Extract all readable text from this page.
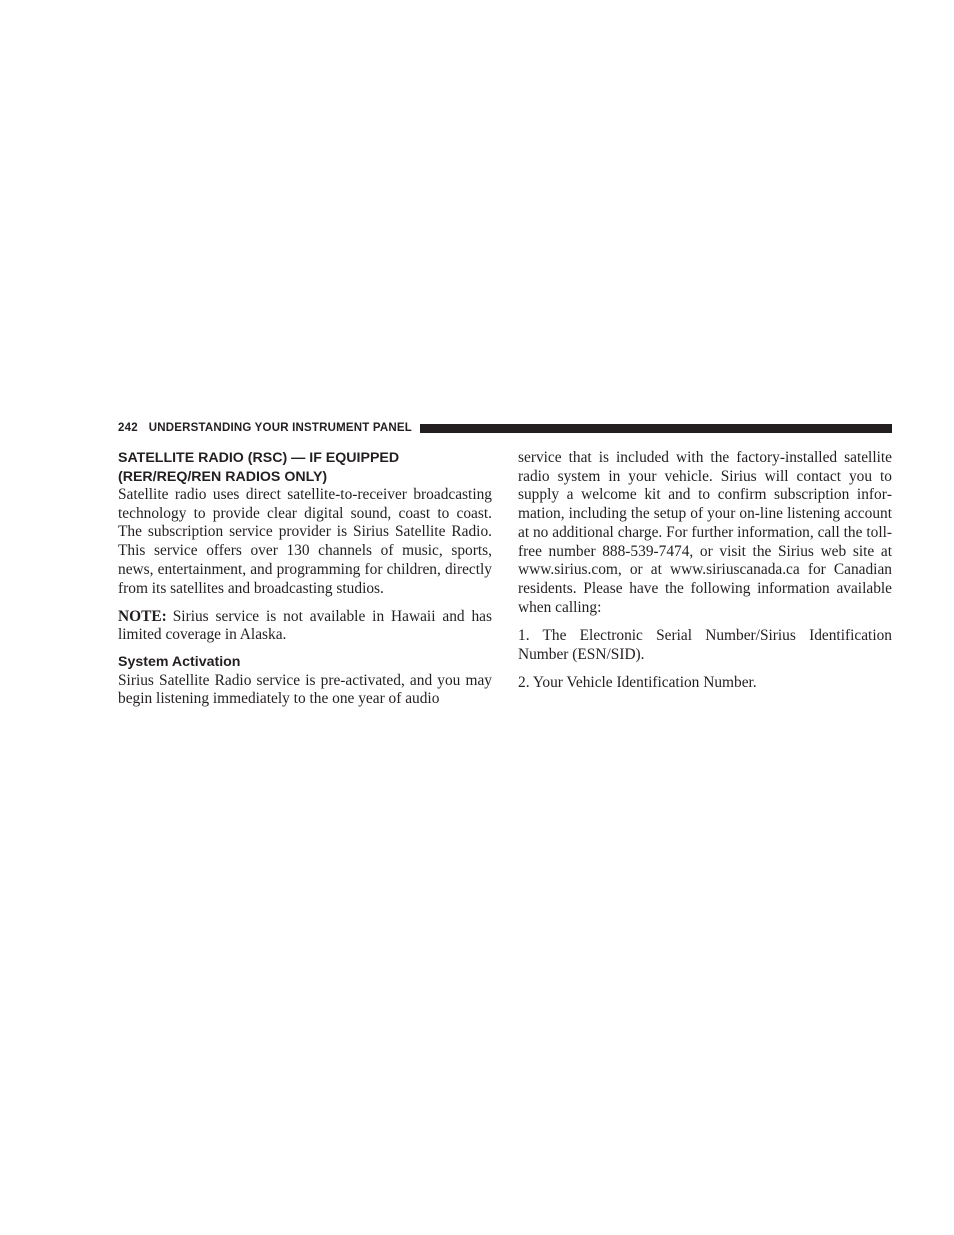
242 UNDERSTANDING YOUR INSTRUMENT PANEL
SATELLITE RADIO (RSC) — IF EQUIPPED
(RER/REQ/REN RADIOS ONLY)

Satellite radio uses direct satellite-to-receiver broadcasting technology to provide clear digital sound, coast to coast. The subscription service provider is Sirius Satellite Radio. This service offers over 130 channels of music, sports, news, entertainment, and programming for children, directly from its satellites and broadcasting studios.

NOTE: Sirius service is not available in Hawaii and has limited coverage in Alaska.

System Activation

Sirius Satellite Radio service is pre-activated, and you may begin listening immediately to the one year of audio

service that is included with the factory-installed satellite radio system in your vehicle. Sirius will contact you to supply a welcome kit and to confirm subscription information, including the setup of your on-line listening account at no additional charge. For further information, call the toll-free number 888-539-7474, or visit the Sirius web site at www.sirius.com, or at www.siriuscanada.ca for Canadian residents. Please have the following information available when calling:

1. The Electronic Serial Number/Sirius Identification Number (ESN/SID).

2. Your Vehicle Identification Number.
